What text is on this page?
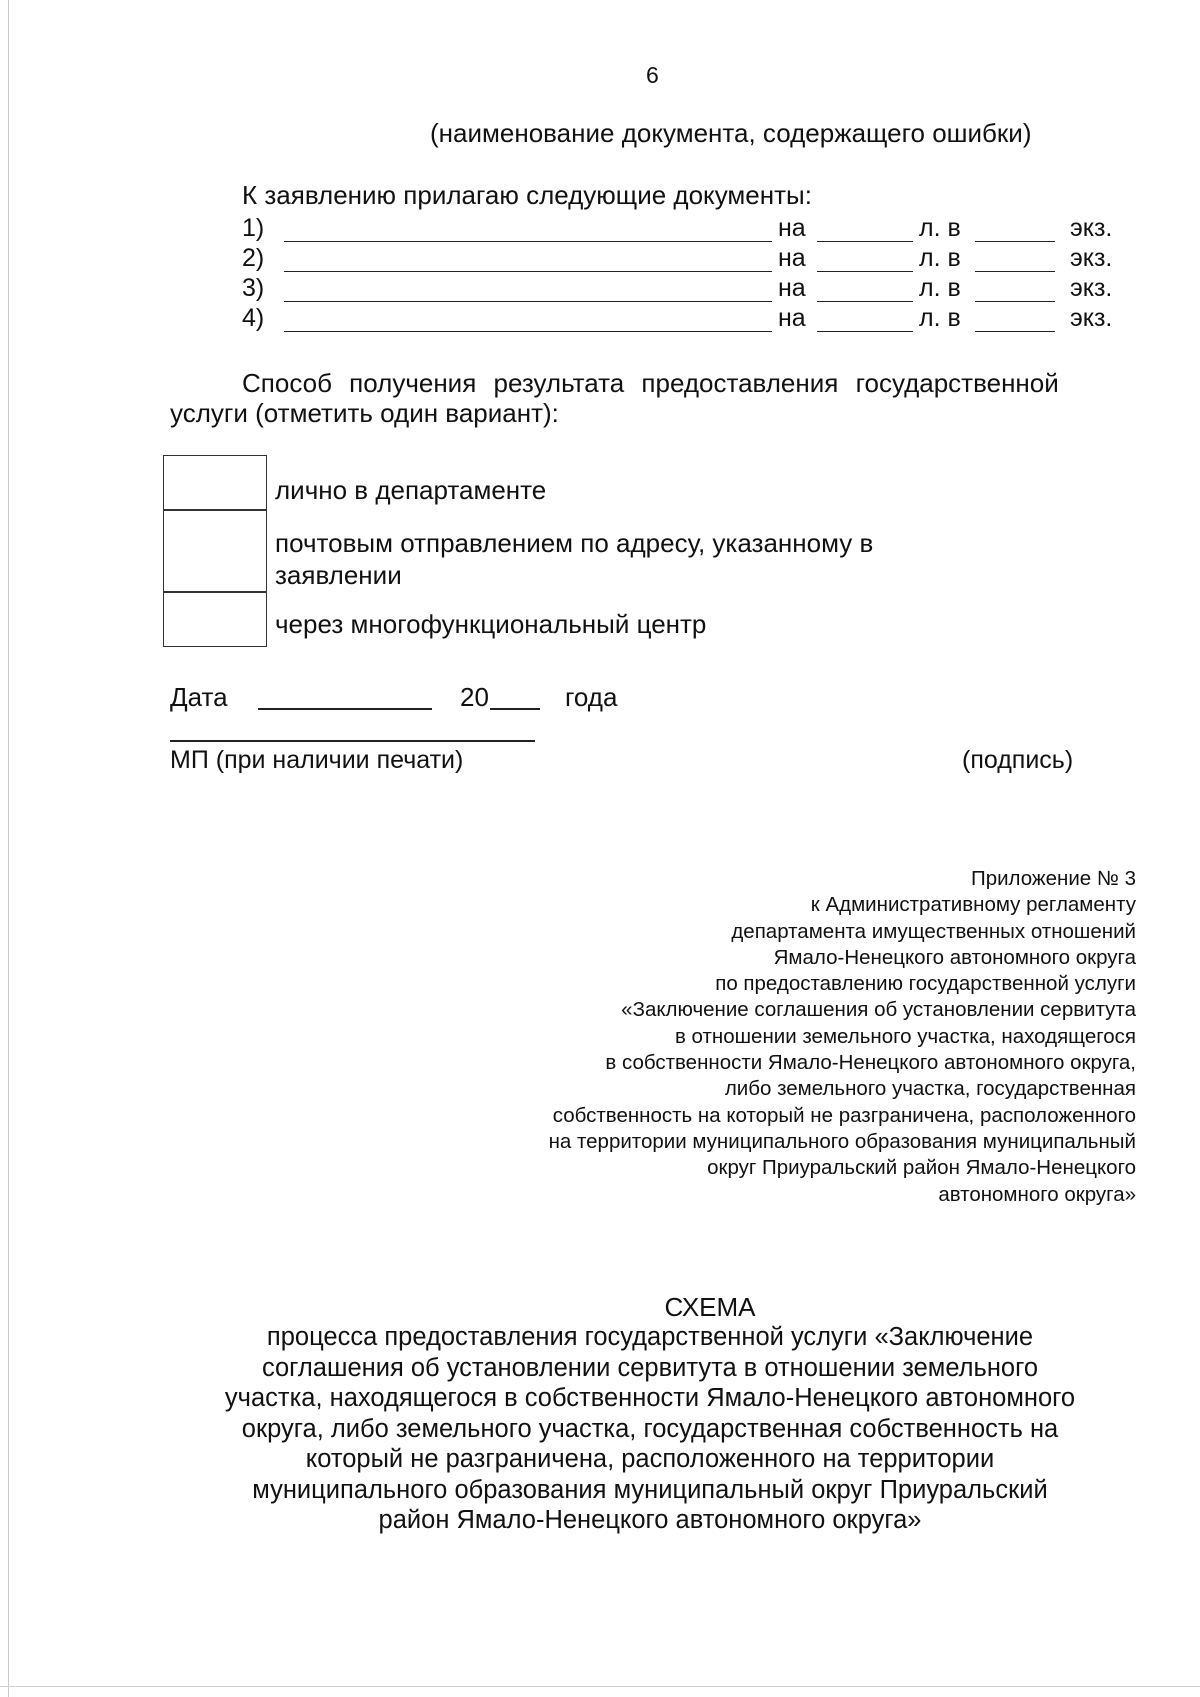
6
(наименование документа, содержащего ошибки)
К заявлению прилагаю следующие документы:
1)	на	л. в	экз.
2)	на	л. в	экз.
3)	на	л. в	экз.
4)	на	л. в	экз.
Способ получения результата предоставления государственной
услуги (отметить один вариант):
лично в департаменте
почтовым отправлением по адресу, указанному в
заявлении
через многофункциональный центр
Дата	20	года
МП (при наличии печати)	(подпись)
Приложение № 3
к Административному регламенту
департамента имущественных отношений
Ямало-Ненецкого автономного округа
по предоставлению государственной услуги
«Заключение соглашения об установлении сервитута
в отношении земельного участка, находящегося
в собственности Ямало-Ненецкого автономного округа,
либо земельного участка, государственная
собственность на который не разграничена, расположенного
на территории муниципального образования муниципальный
округ Приуральский район Ямало-Ненецкого
автономного округа»
СХЕМА
процесса предоставления государственной услуги «Заключение
соглашения об установлении сервитута в отношении земельного
участка, находящегося в собственности Ямало-Ненецкого автономного
округа, либо земельного участка, государственная собственность на
который не разграничена, расположенного на территории
муниципального образования муниципальный округ Приуральский
район Ямало-Ненецкого автономного округа»
